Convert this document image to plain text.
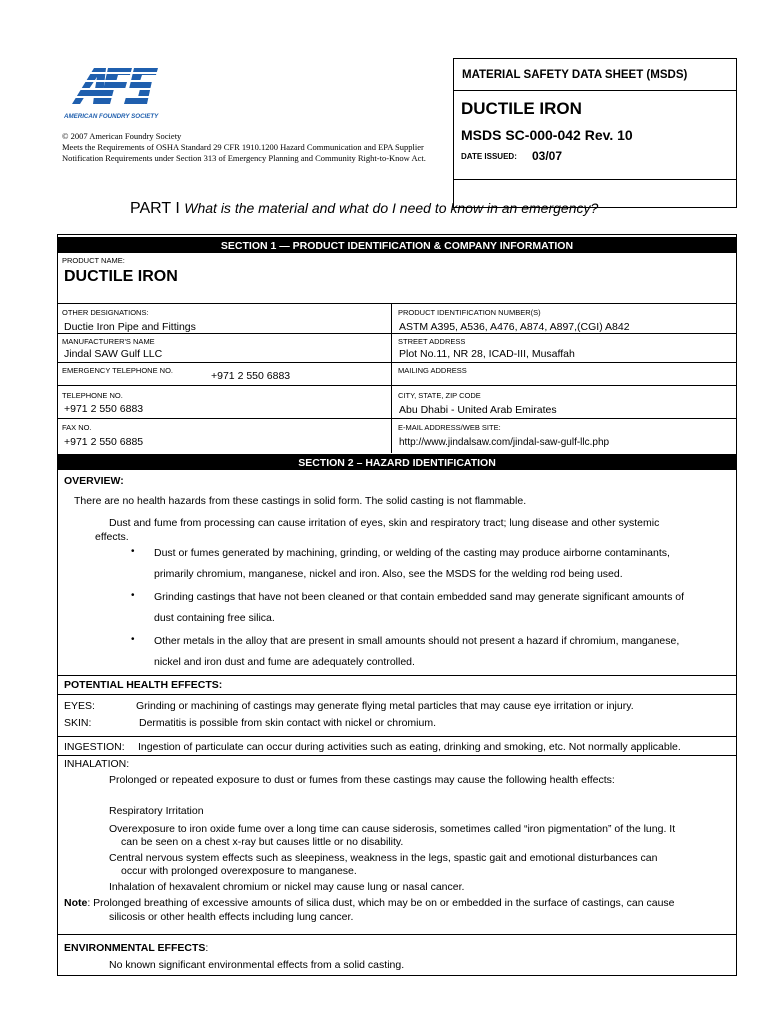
AFS
AMERICAN FOUNDRY SOCIETY
© 2007 American Foundry Society
Meets the Requirements of OSHA Standard 29 CFR 1910.1200 Hazard Communication and EPA Supplier
Notification Requirements under Section 313 of Emergency Planning and Community Right-to-Know Act.
MATERIAL SAFETY DATA SHEET (MSDS)
DUCTILE IRON
MSDS SC-000-042 Rev. 10
DATE ISSUED: 03/07
PART I What is the material and what do I need to know in an emergency?
SECTION 1 — PRODUCT IDENTIFICATION & COMPANY INFORMATION
PRODUCT NAME:
DUCTILE IRON
OTHER DESIGNATIONS:
Ductie Iron Pipe and Fittings
PRODUCT IDENTIFICATION NUMBER(S)
ASTM A395, A536, A476, A874, A897,(CGI) A842
MANUFACTURER'S NAME
Jindal SAW Gulf LLC
STREET ADDRESS
Plot No.11, NR 28, ICAD-III, Musaffah
EMERGENCY TELEPHONE NO.	+971 2 550 6883	MAILING ADDRESS
TELEPHONE NO.
+971 2 550 6883
CITY, STATE, ZIP CODE
Abu Dhabi - United Arab Emirates
FAX NO.
+971 2 550 6885
E-MAIL ADDRESS/WEB SITE:
http://www.jindalsaw.com/jindal-saw-gulf-llc.php
SECTION 2 – HAZARD IDENTIFICATION
OVERVIEW:
There are no health hazards from these castings in solid form. The solid casting is not flammable.
Dust and fume from processing can cause irritation of eyes, skin and respiratory tract; lung disease and other systemic
effects.
• Dust or fumes generated by machining, grinding, or welding of the casting may produce airborne contaminants,
primarily chromium, manganese, nickel and iron. Also, see the MSDS for the welding rod being used.
• Grinding castings that have not been cleaned or that contain embedded sand may generate significant amounts of
dust containing free silica.
• Other metals in the alloy that are present in small amounts should not present a hazard if chromium, manganese,
nickel and iron dust and fume are adequately controlled.
POTENTIAL HEALTH EFFECTS:
EYES:	Grinding or machining of castings may generate flying metal particles that may cause eye irritation or injury.
SKIN:	Dermatitis is possible from skin contact with nickel or chromium.
INGESTION: Ingestion of particulate can occur during activities such as eating, drinking and smoking, etc. Not normally applicable.
INHALATION:
Prolonged or repeated exposure to dust or fumes from these castings may cause the following health effects:
Respiratory Irritation
Overexposure to iron oxide fume over a long time can cause siderosis, sometimes called “iron pigmentation” of the lung. It
can be seen on a chest x-ray but causes little or no disability.
Central nervous system effects such as sleepiness, weakness in the legs, spastic gait and emotional disturbances can
occur with prolonged overexposure to manganese.
Inhalation of hexavalent chromium or nickel may cause lung or nasal cancer.
Note: Prolonged breathing of excessive amounts of silica dust, which may be on or embedded in the surface of castings, can cause
silicosis or other health effects including lung cancer.
ENVIRONMENTAL EFFECTS:
No known significant environmental effects from a solid casting.
